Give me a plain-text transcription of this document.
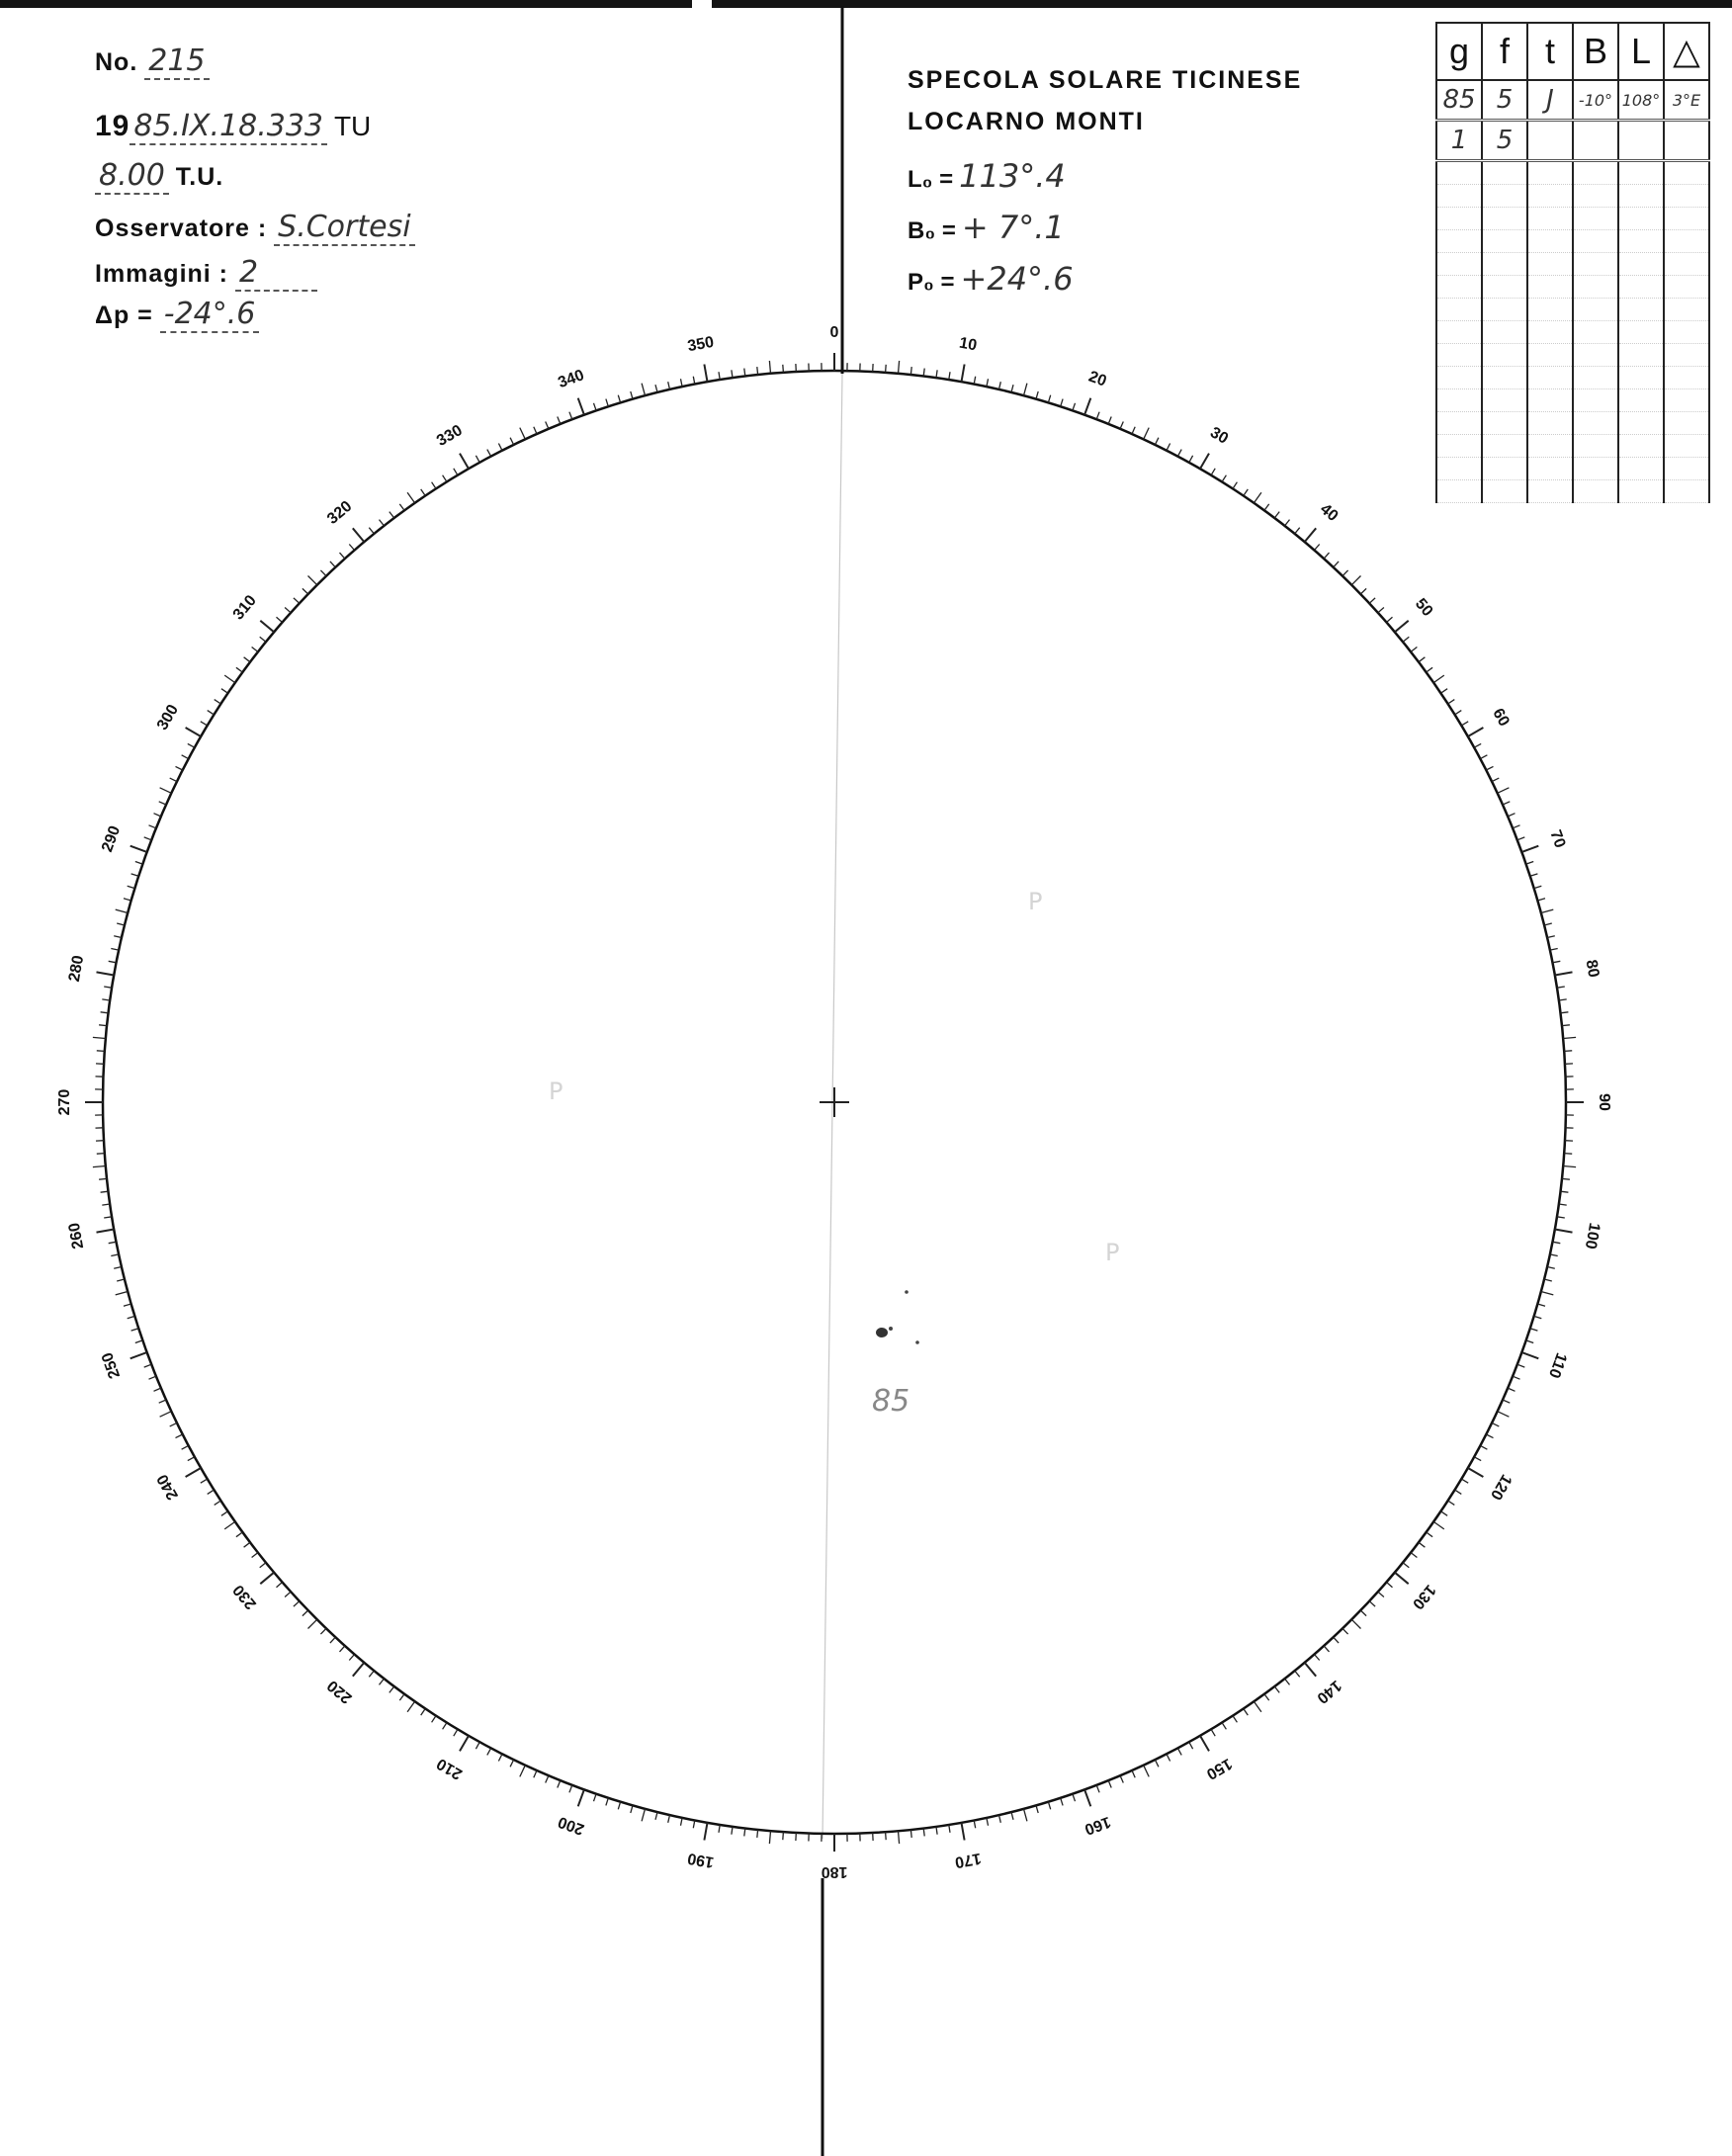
No. 215
19 85.IX.18.333 TU
8.00 T.U.
Osservatore : S.Cortesi
Immagini : 2
Δp = -24°.6
SPECOLA SOLARE TICINESE
LOCARNO MONTI
L₀ = 113°.4
B₀ = + 7°.1
P₀ = +24°.6
g	f	t	B	L	△
85	5	J	-10°	108°	3°E
1	5				

0
10
20
30
40
50
60
70
80
90
100
110
120
130
140
150
160
170
180
190
200
210
220
230
240
250
260
270
280
290
300
310
320
330
340
350
85
P
P
P
